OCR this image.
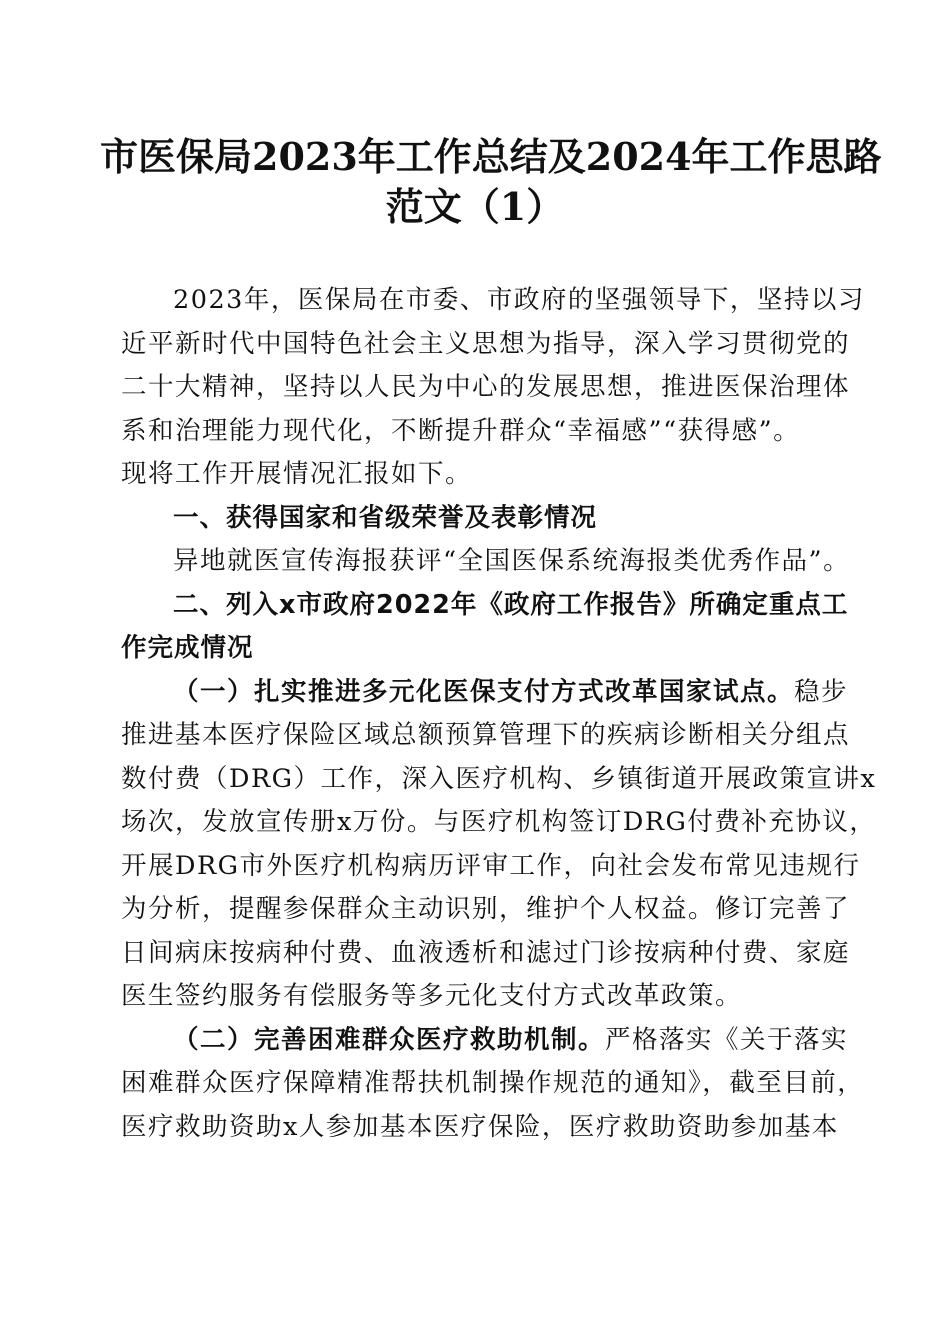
市医保局2023年工作总结及2024年工作思路
范文（1）
2023年，医保局在市委、市政府的坚强领导下，坚持以习
近平新时代中国特色社会主义思想为指导，深入学习贯彻党的
二十大精神，坚持以人民为中心的发展思想，推进医保治理体
系和治理能力现代化，不断提升群众“幸福感”“获得感”。
现将工作开展情况汇报如下。
一、获得国家和省级荣誉及表彰情况
异地就医宣传海报获评“全国医保系统海报类优秀作品”。
二、列入x市政府2022年《政府工作报告》所确定重点工
作完成情况
（一）扎实推进多元化医保支付方式改革国家试点。稳步
推进基本医疗保险区域总额预算管理下的疾病诊断相关分组点
数付费（DRG）工作，深入医疗机构、乡镇街道开展政策宣讲x
场次，发放宣传册x万份。与医疗机构签订DRG付费补充协议，
开展DRG市外医疗机构病历评审工作，向社会发布常见违规行
为分析，提醒参保群众主动识别，维护个人权益。修订完善了
日间病床按病种付费、血液透析和滤过门诊按病种付费、家庭
医生签约服务有偿服务等多元化支付方式改革政策。
（二）完善困难群众医疗救助机制。严格落实《关于落实
困难群众医疗保障精准帮扶机制操作规范的通知》，截至目前，
医疗救助资助x人参加基本医疗保险，医疗救助资助参加基本
